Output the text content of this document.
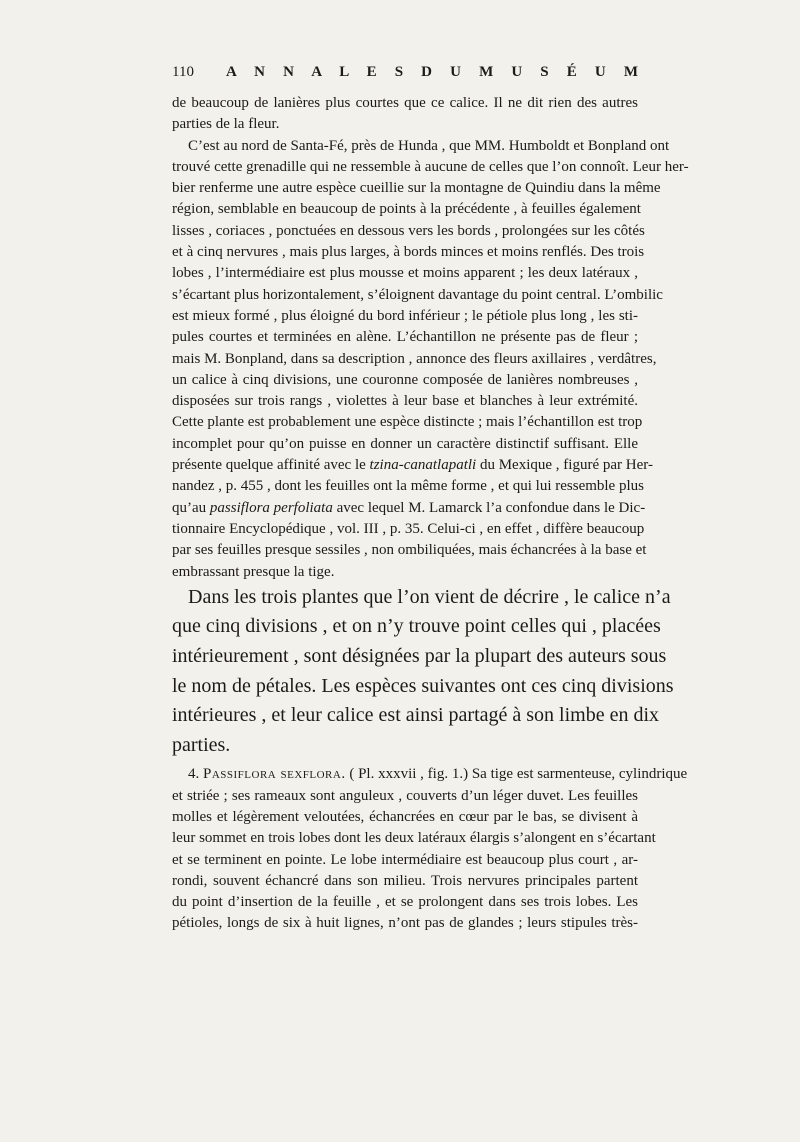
110 A N N A L E S D U M U S É U M
de beaucoup de lanières plus courtes que ce calice. Il ne dit rien des autres
parties de la fleur.
C’est au nord de Santa-Fé, près de Hunda , que MM. Humboldt et Bonpland ont
trouvé cette grenadille qui ne ressemble à aucune de celles que l’on connoît. Leur her-
bier renferme une autre espèce cueillie sur la montagne de Quindiu dans la même
région, semblable en beaucoup de points à la précédente , à feuilles également
lisses , coriaces , ponctuées en dessous vers les bords , prolongées sur les côtés
et à cinq nervures , mais plus larges, à bords minces et moins renflés. Des trois
lobes , l’intermédiaire est plus mousse et moins apparent ; les deux latéraux ,
s’écartant plus horizontalement, s’éloignent davantage du point central. L’ombilic
est mieux formé , plus éloigné du bord inférieur ; le pétiole plus long , les sti-
pules courtes et terminées en alène. L’échantillon ne présente pas de fleur ;
mais M. Bonpland, dans sa description , annonce des fleurs axillaires , verdâtres,
un calice à cinq divisions, une couronne composée de lanières nombreuses ,
disposées sur trois rangs , violettes à leur base et blanches à leur extrémité.
Cette plante est probablement une espèce distincte ; mais l’échantillon est trop
incomplet pour qu’on puisse en donner un caractère distinctif suffisant. Elle
présente quelque affinité avec le tzina-canatlapatli du Mexique , figuré par Her-
nandez , p. 455 , dont les feuilles ont la même forme , et qui lui ressemble plus
qu’au passiflora perfoliata avec lequel M. Lamarck l’a confondue dans le Dic-
tionnaire Encyclopédique , vol. III , p. 35. Celui-ci , en effet , diffère beaucoup
par ses feuilles presque sessiles , non ombiliquées, mais échancrées à la base et
embrassant presque la tige.
Dans les trois plantes que l’on vient de décrire , le calice n’a
que cinq divisions , et on n’y trouve point celles qui , placées
intérieurement , sont désignées par la plupart des auteurs sous
le nom de pétales. Les espèces suivantes ont ces cinq divisions
intérieures , et leur calice est ainsi partagé à son limbe en dix
parties.
4. Passiflora sexflora. ( Pl. xxxvii , fig. 1.) Sa tige est sarmenteuse, cylindrique
et striée ; ses rameaux sont anguleux , couverts d’un léger duvet. Les feuilles
molles et légèrement veloutées, échancrées en cœur par le bas, se divisent à
leur sommet en trois lobes dont les deux latéraux élargis s’alongent en s’écartant
et se terminent en pointe. Le lobe intermédiaire est beaucoup plus court , ar-
rondi, souvent échancré dans son milieu. Trois nervures principales partent
du point d’insertion de la feuille , et se prolongent dans ses trois lobes. Les
pétioles, longs de six à huit lignes, n’ont pas de glandes ; leurs stipules très-
